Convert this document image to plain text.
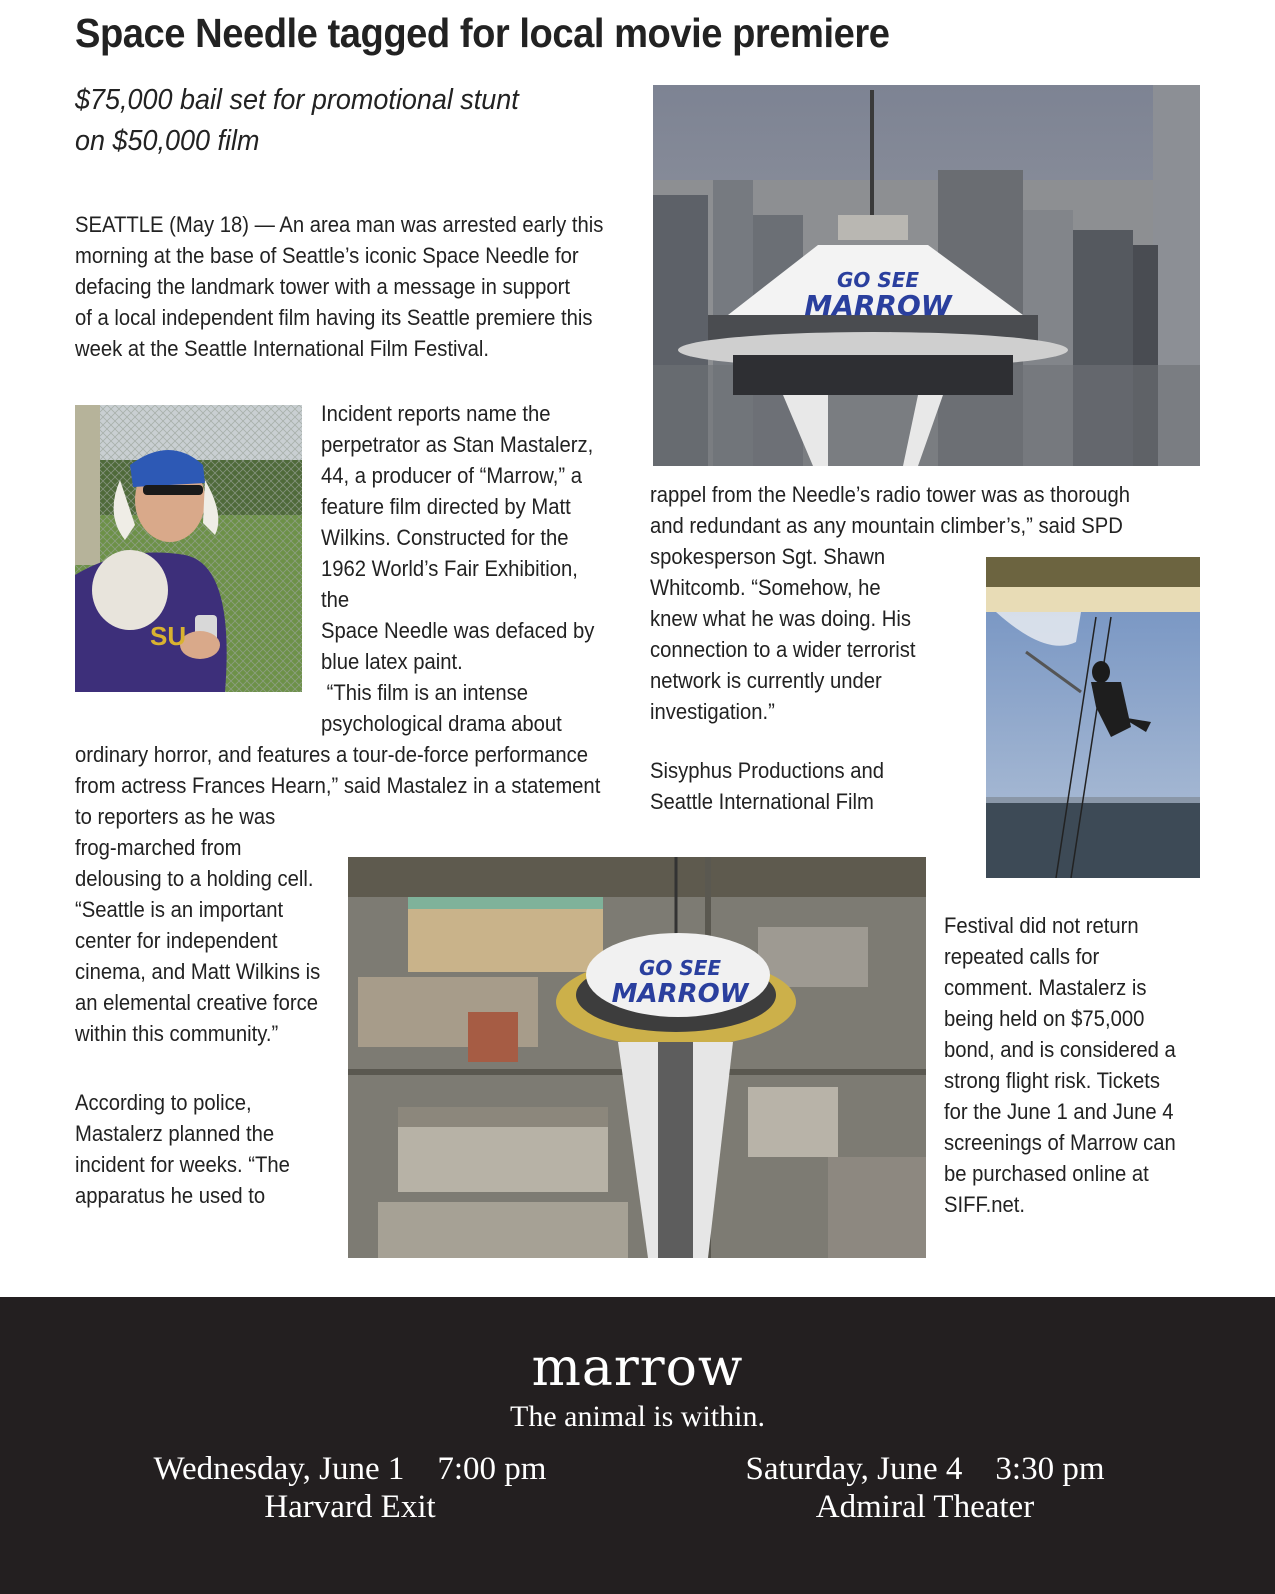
Space Needle tagged for local movie premiere
$75,000 bail set for promotional stunt
on $50,000 film
SEATTLE (May 18) — An area man was arrested early this
morning at the base of Seattle’s iconic Space Needle for
defacing the landmark tower with a message in support
of a local independent film having its Seattle premiere this
week at the Seattle International Film Festival.
SU
Incident reports name the
perpetrator as Stan Mastalerz,
44, a producer of “Marrow,” a
feature film directed by Matt
Wilkins. Constructed for the
1962 World’s Fair Exhibition, the
Space Needle was defaced by
blue latex paint.
“This film is an intense
psychological drama about
ordinary horror, and features a tour-de-force performance
from actress Frances Hearn,” said Mastalez in a statement
to reporters as he was
frog-marched from
delousing to a holding cell.
“Seattle is an important
center for independent
cinema, and Matt Wilkins is
an elemental creative force
within this community.”
According to police,
Mastalerz planned the
incident for weeks. “The
apparatus he used to
GO SEE
MARROW
rappel from the Needle’s radio tower was as thorough
and redundant as any mountain climber’s,” said SPD
spokesperson Sgt. Shawn
Whitcomb. “Somehow, he
knew what he was doing. His
connection to a wider terrorist
network is currently under
investigation.”
Sisyphus Productions and
Seattle International Film
GO SEE
MARROW
Festival did not return
repeated calls for
comment. Mastalerz is
being held on $75,000
bond, and is considered a
strong flight risk. Tickets
for the June 1 and June 4
screenings of Marrow can
be purchased online at
SIFF.net.
marrow
The animal is within.
Wednesday, June 1    7:00 pm
Harvard Exit
Saturday, June 4    3:30 pm
Admiral Theater
